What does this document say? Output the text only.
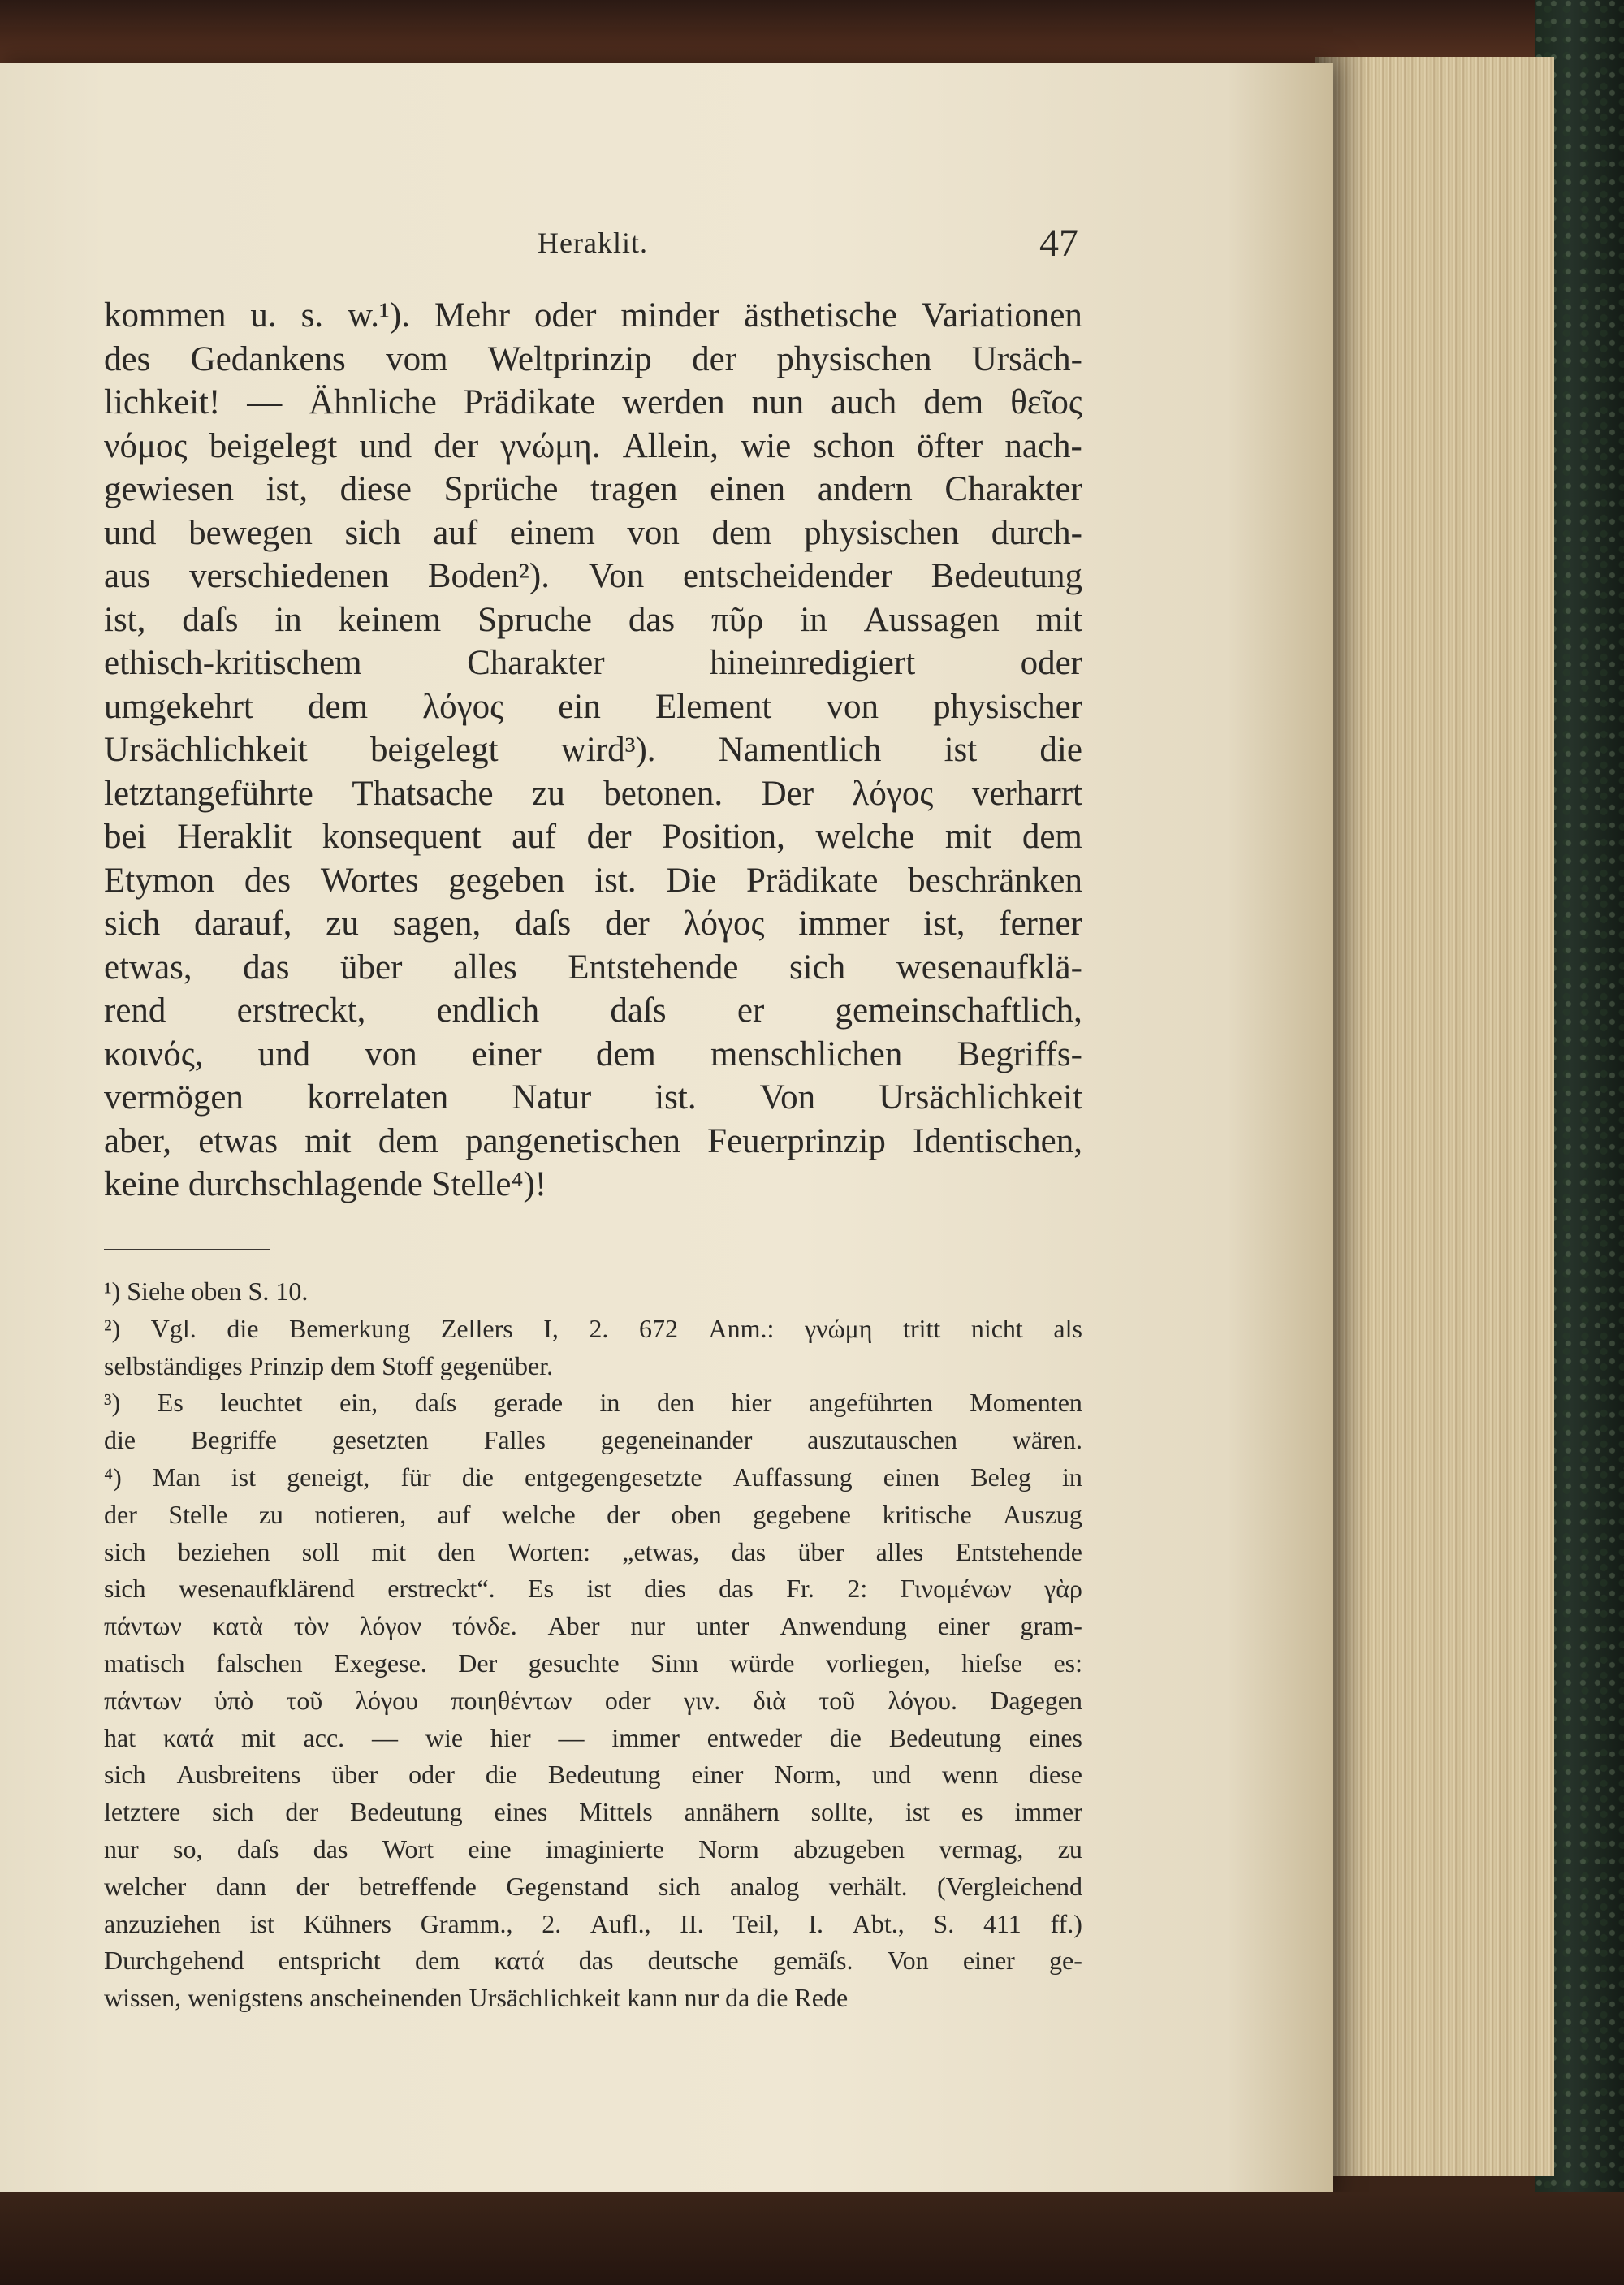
Heraklit.	47
kommen u. s. w.¹). Mehr oder minder ästhetische Variationen
des Gedankens vom Weltprinzip der physischen Ursäch-
lichkeit! — Ähnliche Prädikate werden nun auch dem θεῖος
νόμος beigelegt und der γνώμη. Allein, wie schon öfter nach-
gewiesen ist, diese Sprüche tragen einen andern Charakter
und bewegen sich auf einem von dem physischen durch-
aus verschiedenen Boden²). Von entscheidender Bedeutung
ist, daſs in keinem Spruche das πῦρ in Aussagen mit
ethisch-kritischem	Charakter	hineinredigiert	oder
umgekehrt dem λόγος ein Element von physischer
Ursächlichkeit beigelegt wird³). Namentlich ist die
letztangeführte Thatsache zu betonen. Der λόγος verharrt
bei Heraklit konsequent auf der Position, welche mit dem
Etymon des Wortes gegeben ist. Die Prädikate beschränken
sich darauf, zu sagen, daſs der λόγος immer ist, ferner
etwas, das über alles Entstehende sich wesenaufklä-
rend erstreckt, endlich daſs er gemeinschaftlich,
κοινός, und von einer dem menschlichen Begriffs-
vermögen korrelaten Natur ist. Von Ursächlichkeit
aber, etwas mit dem pangenetischen Feuerprinzip Identischen,
keine durchschlagende Stelle⁴)!
¹) Siehe oben S. 10.
²) Vgl. die Bemerkung Zellers I, 2. 672 Anm.: γνώμη tritt nicht als
selbständiges Prinzip dem Stoff gegenüber.
³) Es leuchtet ein, daſs gerade in den hier angeführten Momenten
die Begriffe gesetzten Falles gegeneinander auszutauschen wären.
⁴) Man ist geneigt, für die entgegengesetzte Auffassung einen Beleg in
der Stelle zu notieren, auf welche der oben gegebene kritische Auszug
sich beziehen soll mit den Worten: „etwas, das über alles Entstehende
sich wesenaufklärend erstreckt“. Es ist dies das Fr. 2: Γινομένων γὰρ
πάντων κατὰ τὸν λόγον τόνδε. Aber nur unter Anwendung einer gram-
matisch falschen Exegese. Der gesuchte Sinn würde vorliegen, hieſse es:
πάντων ὑπὸ τοῦ λόγου ποιηθέντων oder γιν. διὰ τοῦ λόγου. Dagegen
hat κατά mit acc. — wie hier — immer entweder die Bedeutung eines
sich Ausbreitens über oder die Bedeutung einer Norm, und wenn diese
letztere sich der Bedeutung eines Mittels annähern sollte, ist es immer
nur so, daſs das Wort eine imaginierte Norm abzugeben vermag, zu
welcher dann der betreffende Gegenstand sich analog verhält. (Vergleichend
anzuziehen ist Kühners Gramm., 2. Aufl., II. Teil, I. Abt., S. 411 ff.)
Durchgehend entspricht dem κατά das deutsche gemäſs. Von einer ge-
wissen, wenigstens anscheinenden Ursächlichkeit kann nur da die Rede
